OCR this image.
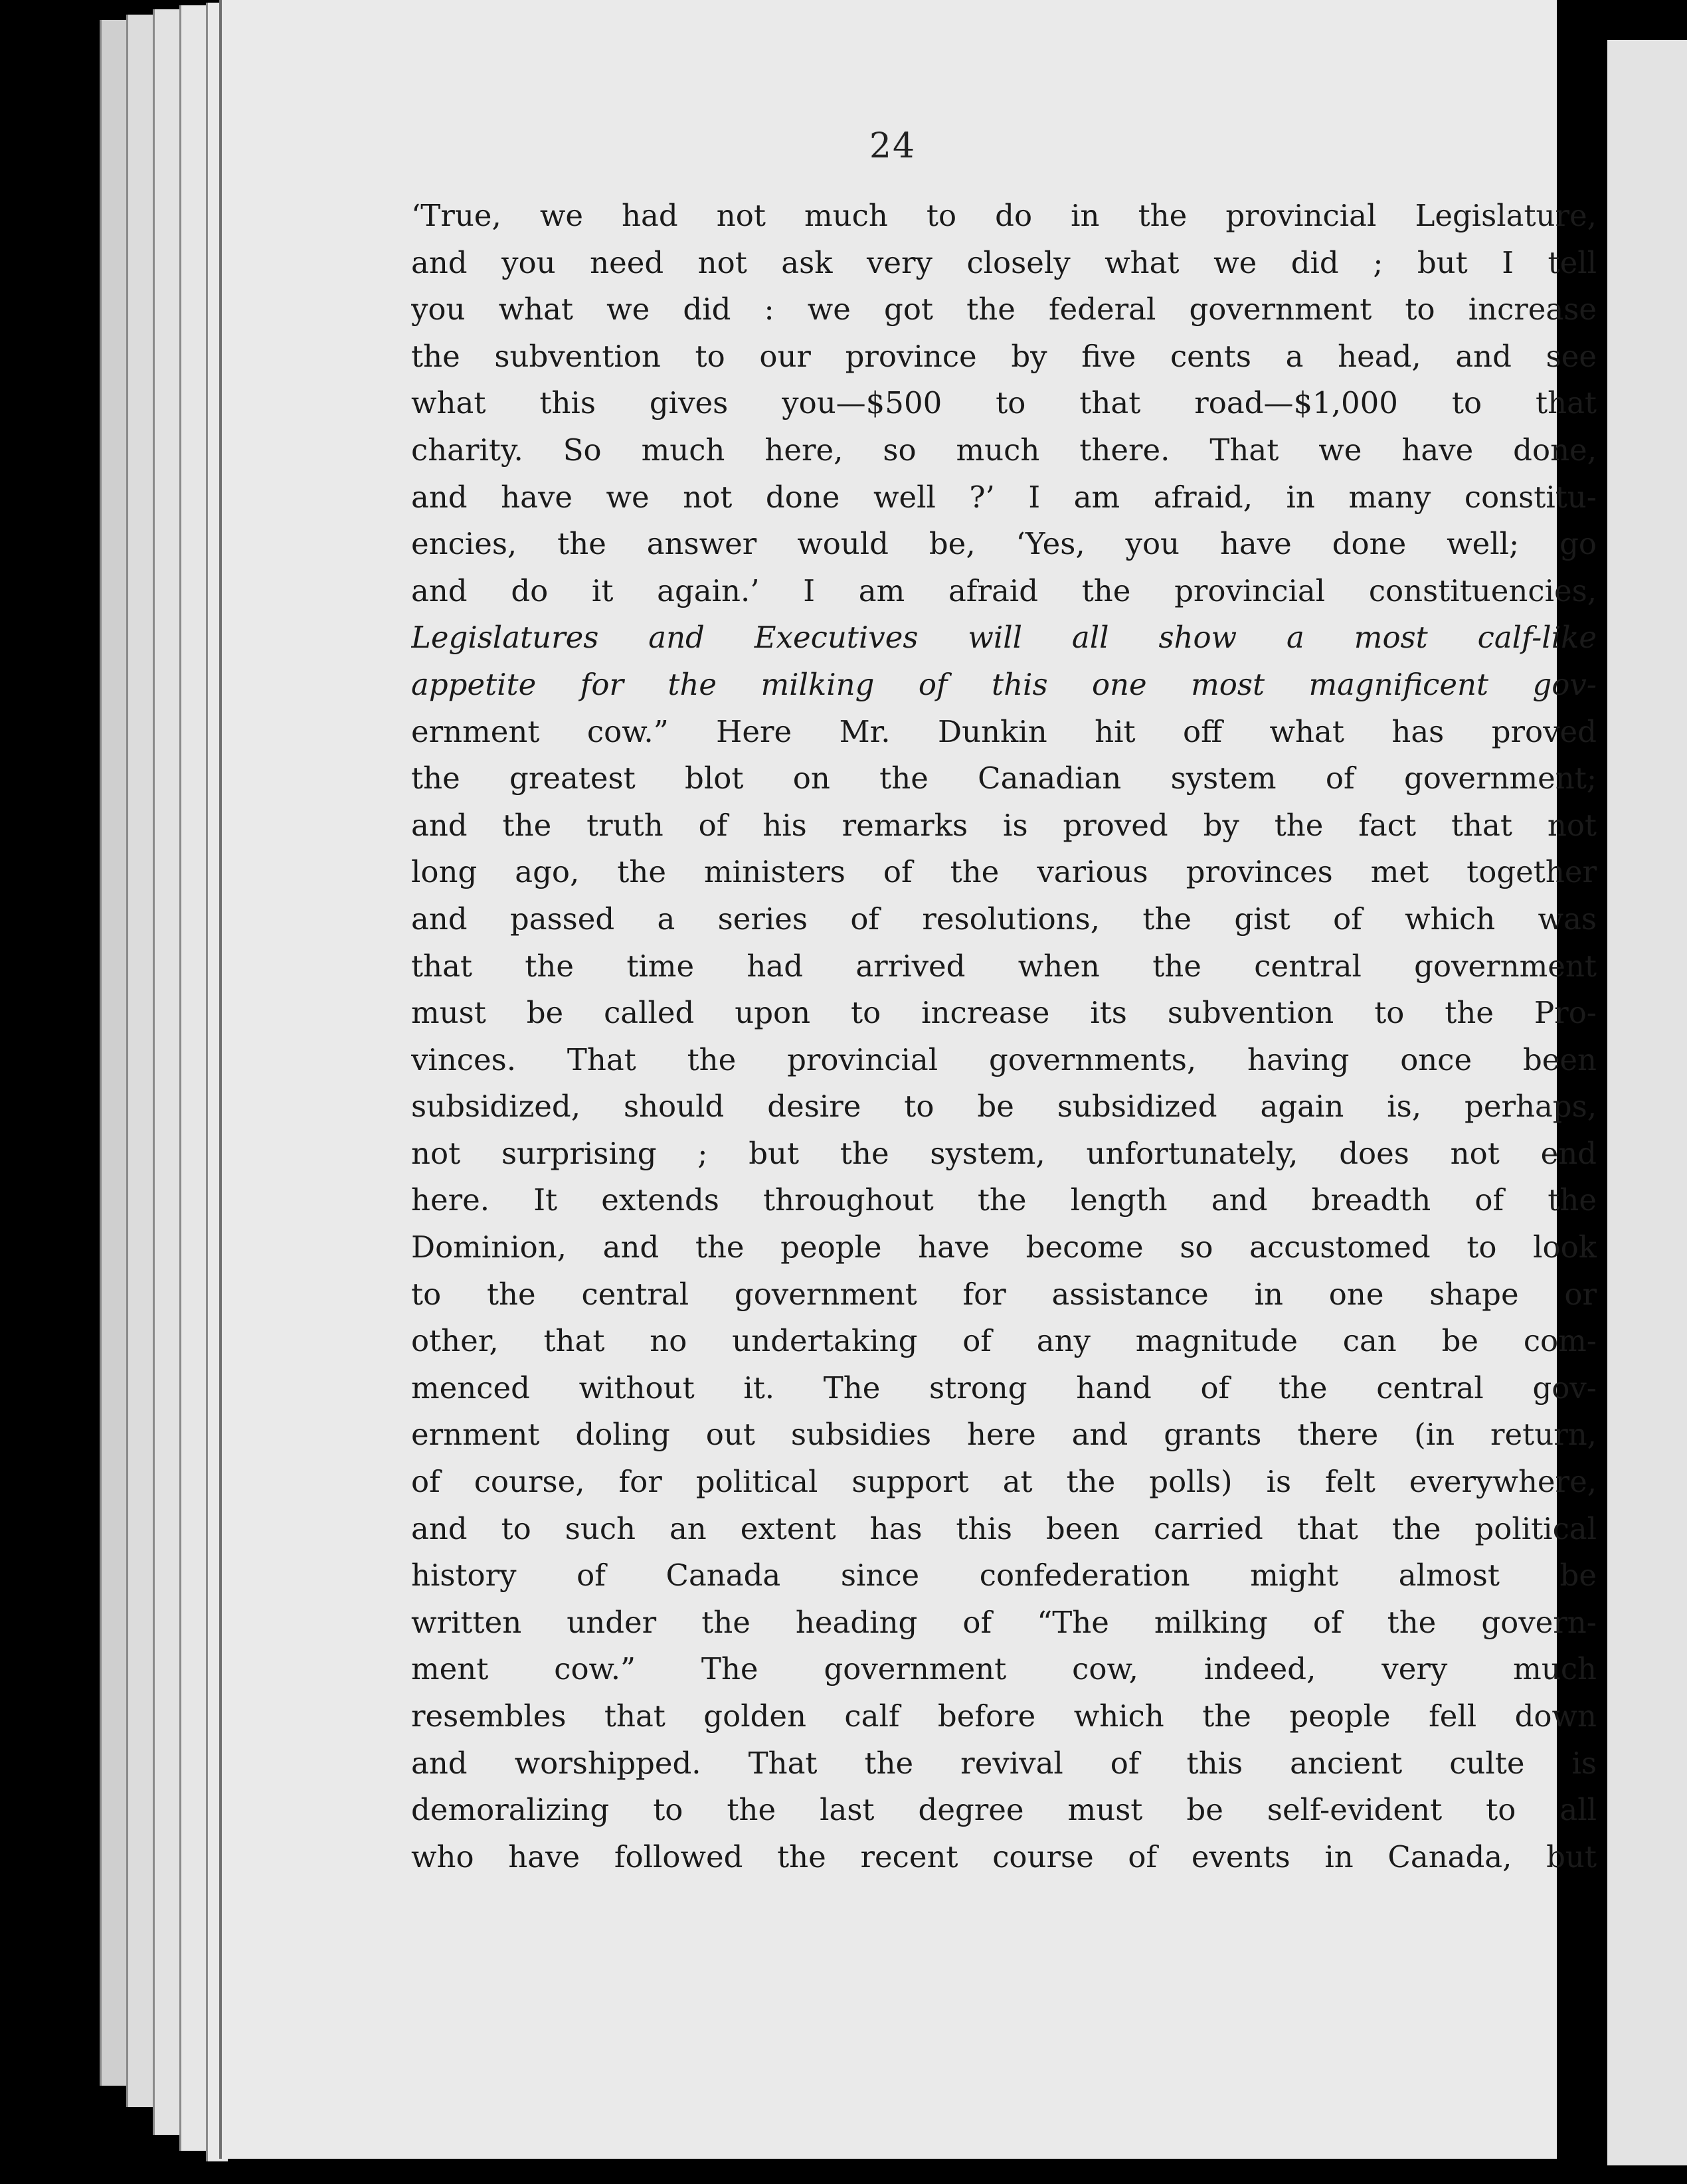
24
‘True, we had not much to do in the provincial Legislature,
and you need not ask very closely what we did ; but I tell
you what we did : we got the federal government to increase
the subvention to our province by five cents a head, and see
what this gives you—$500 to that road—$1,000 to that
charity. So much here, so much there. That we have done,
and have we not done well ?’ I am afraid, in many constitu-
encies, the answer would be, ‘Yes, you have done well; go
and do it again.’ I am afraid the provincial constituencies,
Legislatures and Executives will all show a most calf-like
appetite for the milking of this one most magnificent gov-
ernment cow.” Here Mr. Dunkin hit off what has proved
the greatest blot on the Canadian system of government;
and the truth of his remarks is proved by the fact that not
long ago, the ministers of the various provinces met together
and passed a series of resolutions, the gist of which was
that the time had arrived when the central government
must be called upon to increase its subvention to the Pro-
vinces. That the provincial governments, having once been
subsidized, should desire to be subsidized again is, perhaps,
not surprising ; but the system, unfortunately, does not end
here. It extends throughout the length and breadth of the
Dominion, and the people have become so accustomed to look
to the central government for assistance in one shape or
other, that no undertaking of any magnitude can be com-
menced without it. The strong hand of the central gov-
ernment doling out subsidies here and grants there (in return,
of course, for political support at the polls) is felt everywhere,
and to such an extent has this been carried that the political
history of Canada since confederation might almost be
written under the heading of “The milking of the govern-
ment cow.” The government cow, indeed, very much
resembles that golden calf before which the people fell down
and worshipped. That the revival of this ancient culte is
demoralizing to the last degree must be self-evident to all
who have followed the recent course of events in Canada, but
